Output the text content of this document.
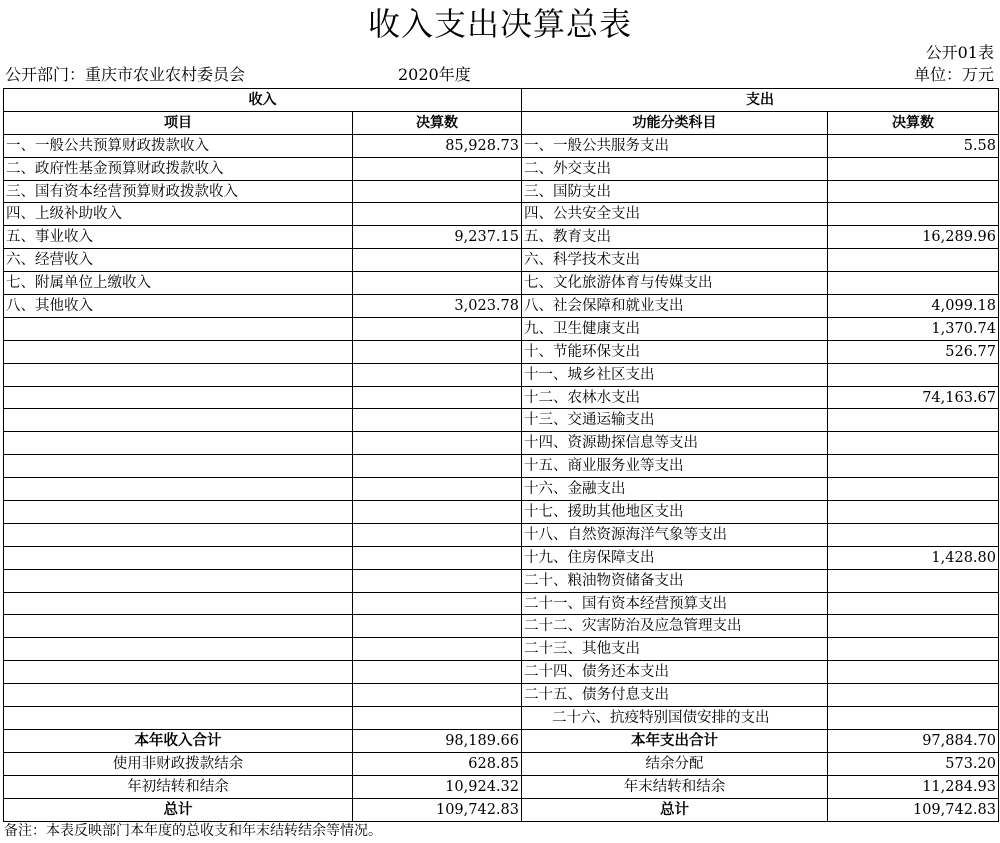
收入支出决算总表
公开01表
公开部门：重庆市农业农村委员会	2020年度	单位：万元
收入		支出	
项目	决算数	功能分类科目	决算数
一、一般公共预算财政拨款收入	85,928.73	一、一般公共服务支出	5.58
二、政府性基金预算财政拨款收入		二、外交支出	
三、国有资本经营预算财政拨款收入		三、国防支出	
四、上级补助收入		四、公共安全支出	
五、事业收入	9,237.15	五、教育支出	16,289.96
六、经营收入		六、科学技术支出	
七、附属单位上缴收入		七、文化旅游体育与传媒支出	
八、其他收入	3,023.78	八、社会保障和就业支出	4,099.18
		九、卫生健康支出	1,370.74
		十、节能环保支出	526.77
		十一、城乡社区支出	
		十二、农林水支出	74,163.67
		十三、交通运输支出	
		十四、资源勘探信息等支出	
		十五、商业服务业等支出	
		十六、金融支出	
		十七、援助其他地区支出	
		十八、自然资源海洋气象等支出	
		十九、住房保障支出	1,428.80
		二十、粮油物资储备支出	
		二十一、国有资本经营预算支出	
		二十二、灾害防治及应急管理支出	
		二十三、其他支出	
		二十四、债务还本支出	
		二十五、债务付息支出	
		二十六、抗疫特别国债安排的支出	
本年收入合计	98,189.66	本年支出合计	97,884.70
使用非财政拨款结余	628.85	结余分配	573.20
年初结转和结余	10,924.32	年末结转和结余	11,284.93
总计	109,742.83	总计	109,742.83
备注：本表反映部门本年度的总收支和年末结转结余等情况。
